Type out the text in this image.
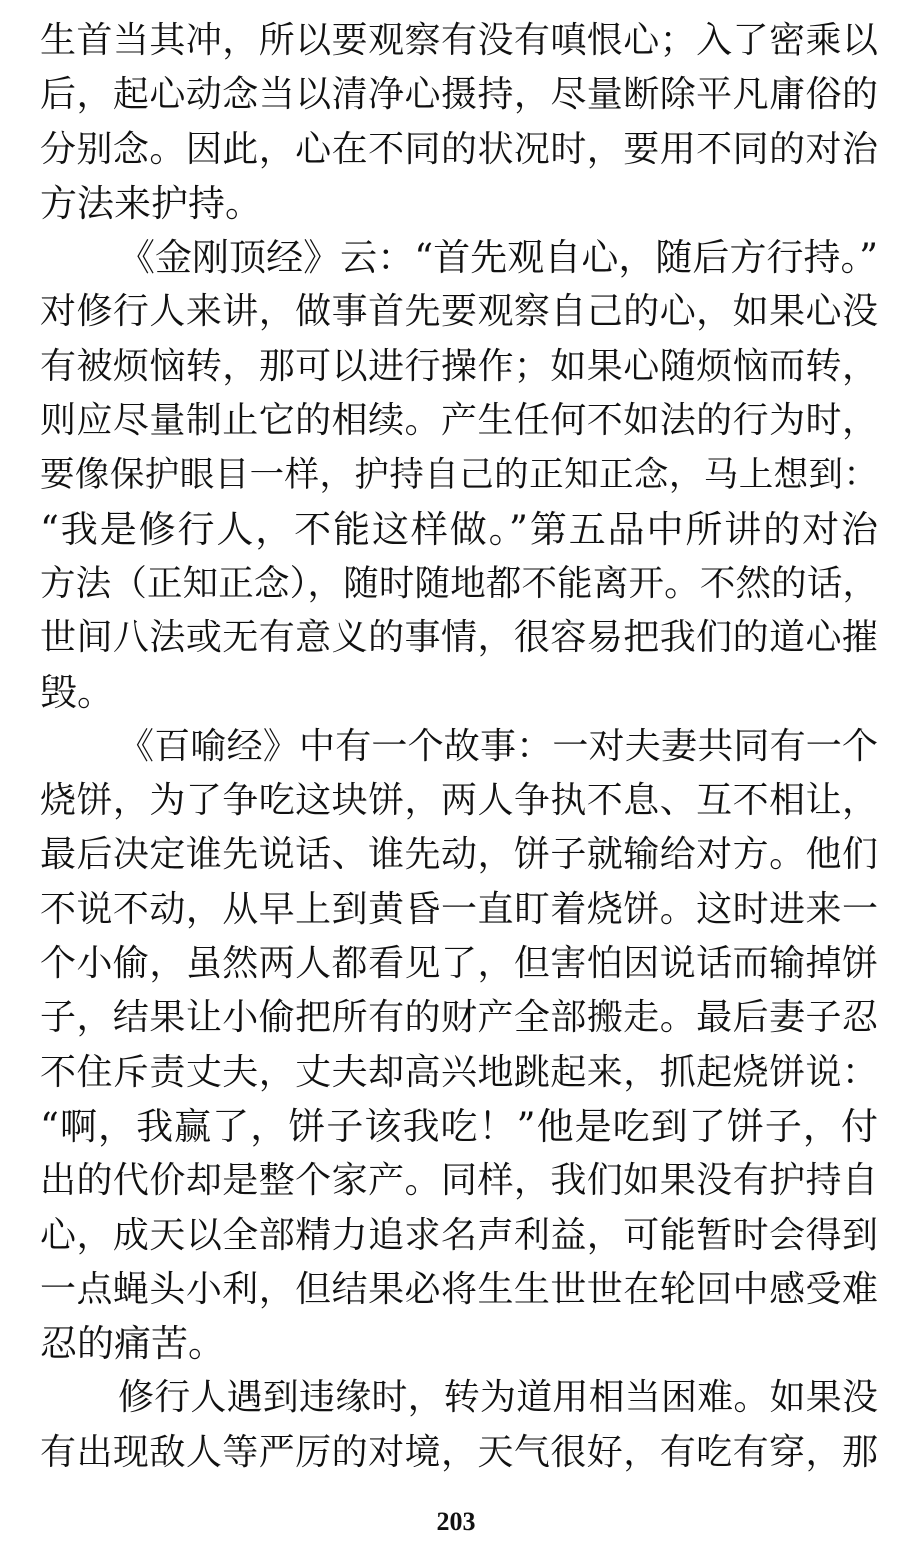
生首当其冲，所以要观察有没有嗔恨心；入了密乘以
后，起心动念当以清净心摄持，尽量断除平凡庸俗的
分别念。因此，心在不同的状况时，要用不同的对治
方法来护持。
《金刚顶经》云：“首先观自心，随后方行持。”
对修行人来讲，做事首先要观察自己的心，如果心没
有被烦恼转，那可以进行操作；如果心随烦恼而转，
则应尽量制止它的相续。产生任何不如法的行为时，
要像保护眼目一样，护持自己的正知正念，马上想到：
“我是修行人，不能这样做。”第五品中所讲的对治
方法（正知正念），随时随地都不能离开。不然的话，
世间八法或无有意义的事情，很容易把我们的道心摧
毁。
《百喻经》中有一个故事：一对夫妻共同有一个
烧饼，为了争吃这块饼，两人争执不息、互不相让，
最后决定谁先说话、谁先动，饼子就输给对方。他们
不说不动，从早上到黄昏一直盯着烧饼。这时进来一
个小偷，虽然两人都看见了，但害怕因说话而输掉饼
子，结果让小偷把所有的财产全部搬走。最后妻子忍
不住斥责丈夫，丈夫却高兴地跳起来，抓起烧饼说：
“啊，我赢了，饼子该我吃！”他是吃到了饼子，付
出的代价却是整个家产。同样，我们如果没有护持自
心，成天以全部精力追求名声利益，可能暂时会得到
一点蝇头小利，但结果必将生生世世在轮回中感受难
忍的痛苦。
修行人遇到违缘时，转为道用相当困难。如果没
有出现敌人等严厉的对境，天气很好，有吃有穿，那
203
